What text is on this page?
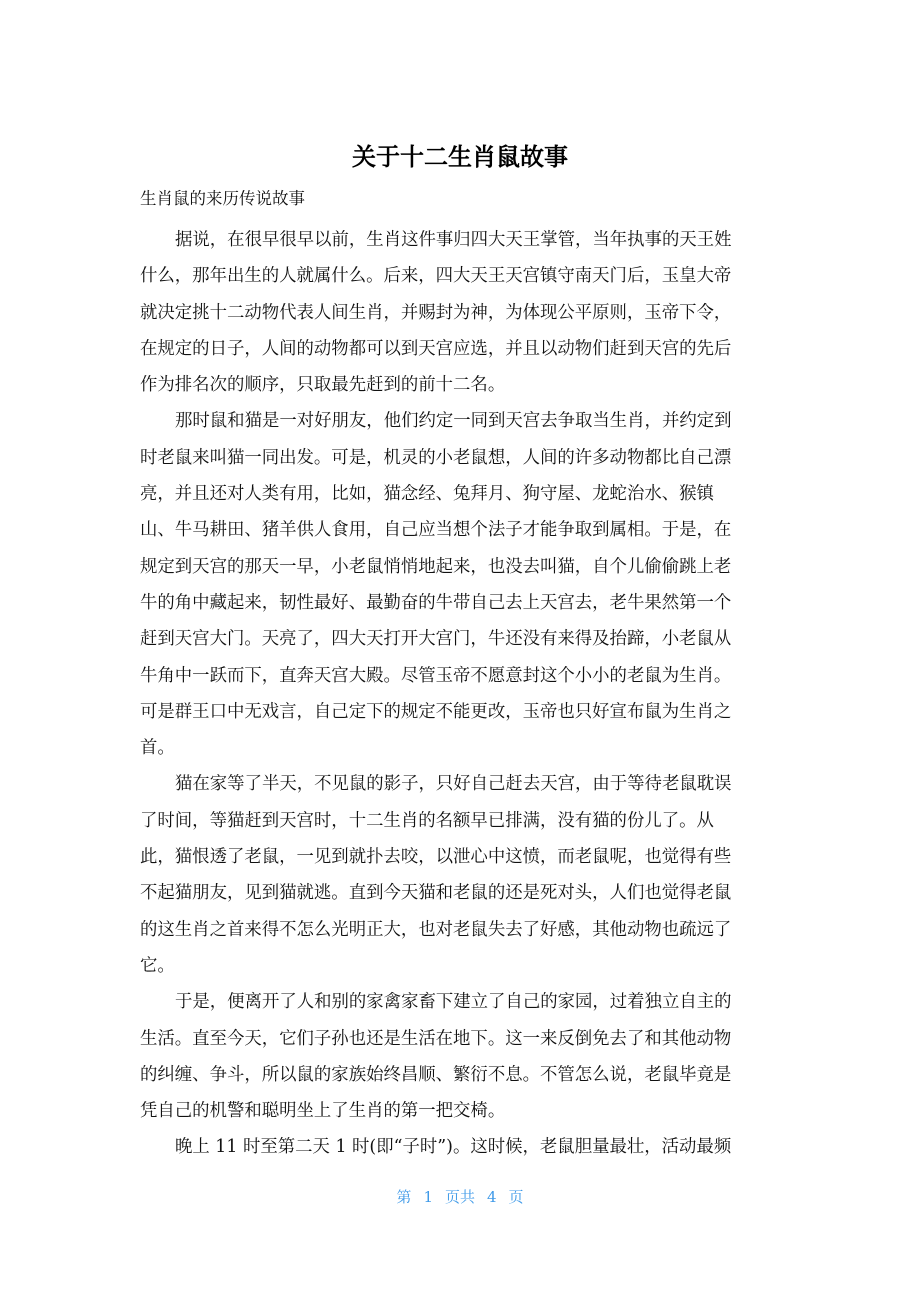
关于十二生肖鼠故事
生肖鼠的来历传说故事
据说，在很早很早以前，生肖这件事归四大天王掌管，当年执事的天王姓
什么，那年出生的人就属什么。后来，四大天王天宫镇守南天门后，玉皇大帝
就决定挑十二动物代表人间生肖，并赐封为神，为体现公平原则，玉帝下令，
在规定的日子，人间的动物都可以到天宫应选，并且以动物们赶到天宫的先后
作为排名次的顺序，只取最先赶到的前十二名。
那时鼠和猫是一对好朋友，他们约定一同到天宫去争取当生肖，并约定到
时老鼠来叫猫一同出发。可是，机灵的小老鼠想，人间的许多动物都比自己漂
亮，并且还对人类有用，比如，猫念经、兔拜月、狗守屋、龙蛇治水、猴镇
山、牛马耕田、猪羊供人食用，自己应当想个法子才能争取到属相。于是，在
规定到天宫的那天一早，小老鼠悄悄地起来，也没去叫猫，自个儿偷偷跳上老
牛的角中藏起来，韧性最好、最勤奋的牛带自己去上天宫去，老牛果然第一个
赶到天宫大门。天亮了，四大天打开大宫门，牛还没有来得及抬蹄，小老鼠从
牛角中一跃而下，直奔天宫大殿。尽管玉帝不愿意封这个小小的老鼠为生肖。
可是群王口中无戏言，自己定下的规定不能更改，玉帝也只好宣布鼠为生肖之
首。
猫在家等了半天，不见鼠的影子，只好自己赶去天宫，由于等待老鼠耽误
了时间，等猫赶到天宫时，十二生肖的名额早已排满，没有猫的份儿了。从
此，猫恨透了老鼠，一见到就扑去咬，以泄心中这愤，而老鼠呢，也觉得有些
不起猫朋友，见到猫就逃。直到今天猫和老鼠的还是死对头，人们也觉得老鼠
的这生肖之首来得不怎么光明正大，也对老鼠失去了好感，其他动物也疏远了
它。
于是，便离开了人和别的家禽家畜下建立了自己的家园，过着独立自主的
生活。直至今天，它们子孙也还是生活在地下。这一来反倒免去了和其他动物
的纠缠、争斗，所以鼠的家族始终昌顺、繁衍不息。不管怎么说，老鼠毕竟是
凭自己的机警和聪明坐上了生肖的第一把交椅。
晚上 11 时至第二天 1 时(即“子时”)。这时候，老鼠胆量最壮，活动最频
第 1 页共 4 页
